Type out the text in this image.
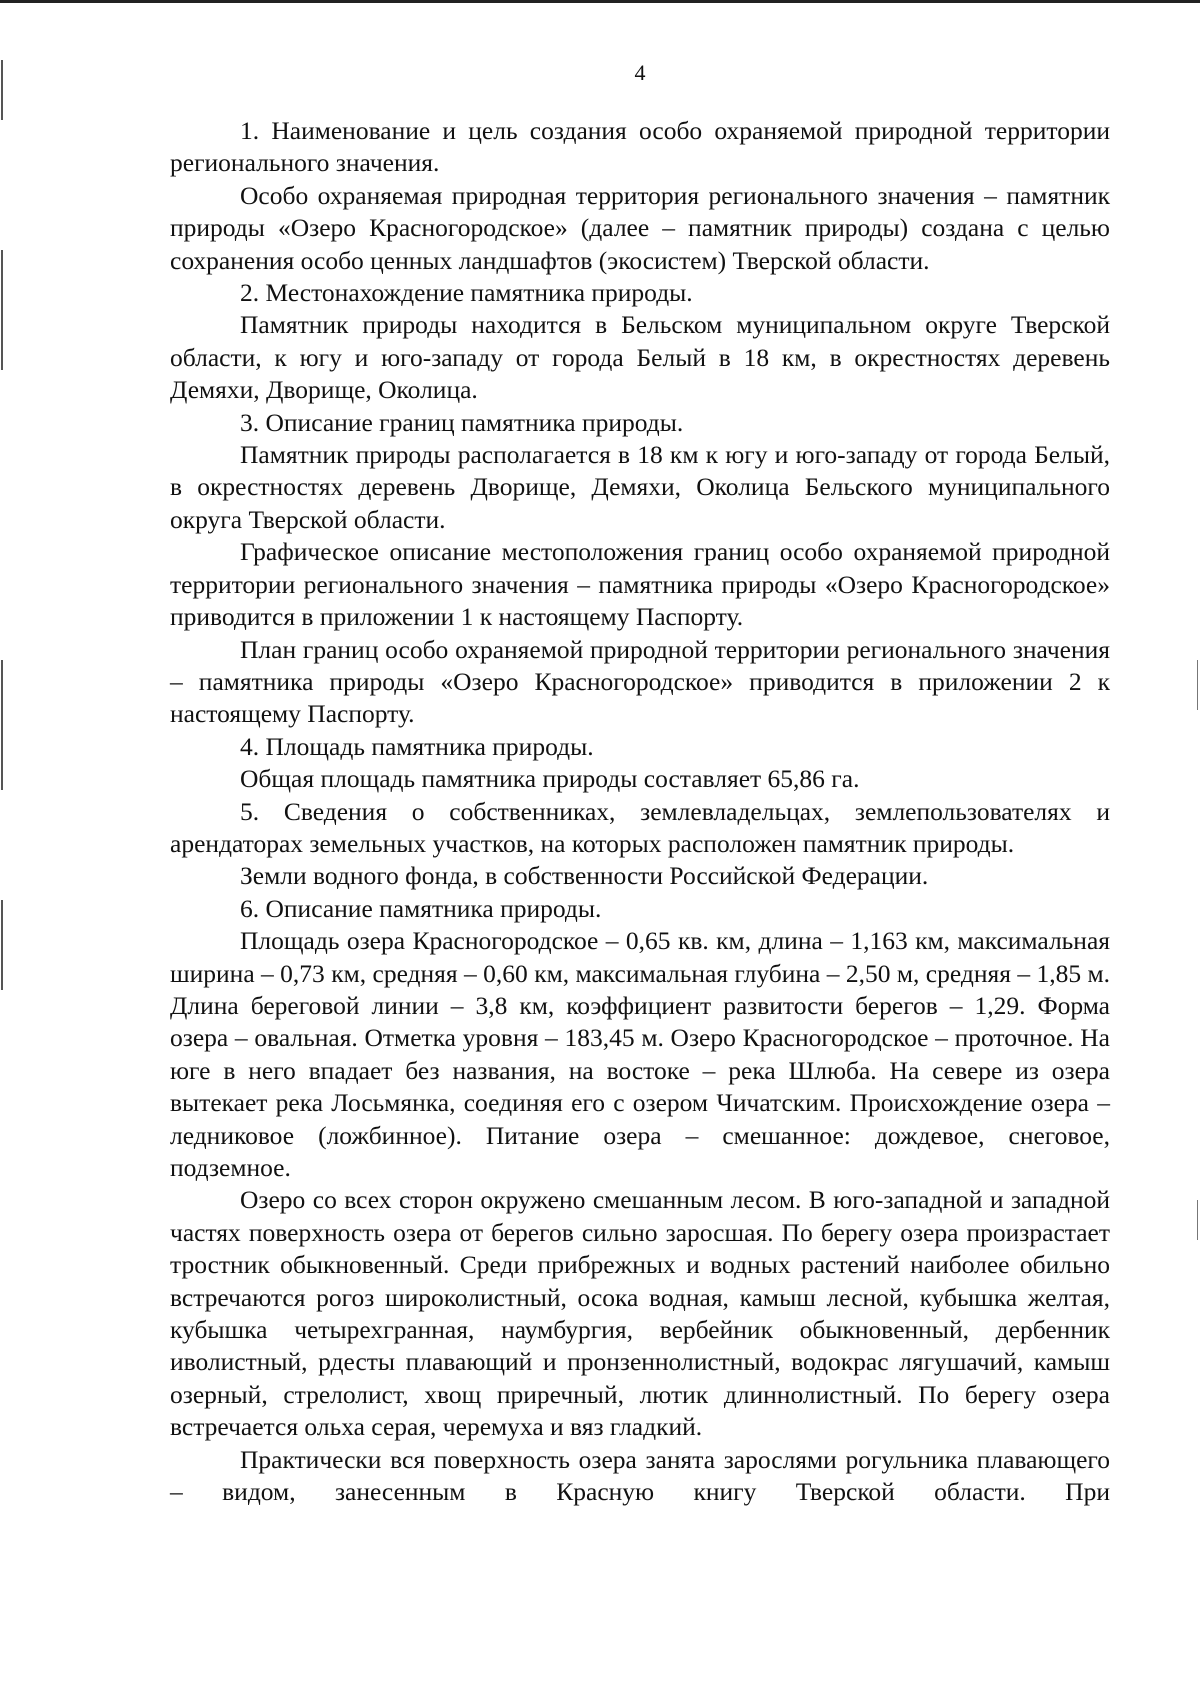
4

1. Наименование и цель создания особо охраняемой природной территории регионального значения.

Особо охраняемая природная территория регионального значения – памятник природы «Озеро Красногородское» (далее – памятник природы) создана с целью сохранения особо ценных ландшафтов (экосистем) Тверской области.

2. Местонахождение памятника природы.

Памятник природы находится в Бельском муниципальном округе Тверской области, к югу и юго-западу от города Белый в 18 км, в окрестностях деревень Демяхи, Дворище, Околица.

3. Описание границ памятника природы.

Памятник природы располагается в 18 км к югу и юго-западу от города Белый, в окрестностях деревень Дворище, Демяхи, Околица Бельского муниципального округа Тверской области.

Графическое описание местоположения границ особо охраняемой природной территории регионального значения – памятника природы «Озеро Красногородское» приводится в приложении 1 к настоящему Паспорту.

План границ особо охраняемой природной территории регионального значения – памятника природы «Озеро Красногородское» приводится в приложении 2 к настоящему Паспорту.

4. Площадь памятника природы.

Общая площадь памятника природы составляет 65,86 га.

5. Сведения о собственниках, землевладельцах, землепользователях и арендаторах земельных участков, на которых расположен памятник природы.

Земли водного фонда, в собственности Российской Федерации.

6. Описание памятника природы.

Площадь озера Красногородское – 0,65 кв. км, длина – 1,163 км, максимальная ширина – 0,73 км, средняя – 0,60 км, максимальная глубина – 2,50 м, средняя – 1,85 м. Длина береговой линии – 3,8 км, коэффициент развитости берегов – 1,29. Форма озера – овальная. Отметка уровня – 183,45 м. Озеро Красногородское – проточное. На юге в него впадает без названия, на востоке – река Шлюба. На севере из озера вытекает река Лосьмянка, соединяя его с озером Чичатским. Происхождение озера – ледниковое (ложбинное). Питание озера – смешанное: дождевое, снеговое, подземное.

Озеро со всех сторон окружено смешанным лесом. В юго-западной и западной частях поверхность озера от берегов сильно заросшая. По берегу озера произрастает тростник обыкновенный. Среди прибрежных и водных растений наиболее обильно встречаются рогоз широколистный, осока водная, камыш лесной, кубышка желтая, кубышка четырехгранная, наумбургия, вербейник обыкновенный, дербенник иволистный, рдесты плавающий и пронзеннолистный, водокрас лягушачий, камыш озерный, стрелолист, хвощ приречный, лютик длиннолистный. По берегу озера встречается ольха серая, черемуха и вяз гладкий.

Практически вся поверхность озера занята зарослями рогульника плавающего – видом, занесенным в Красную книгу Тверской области. При
